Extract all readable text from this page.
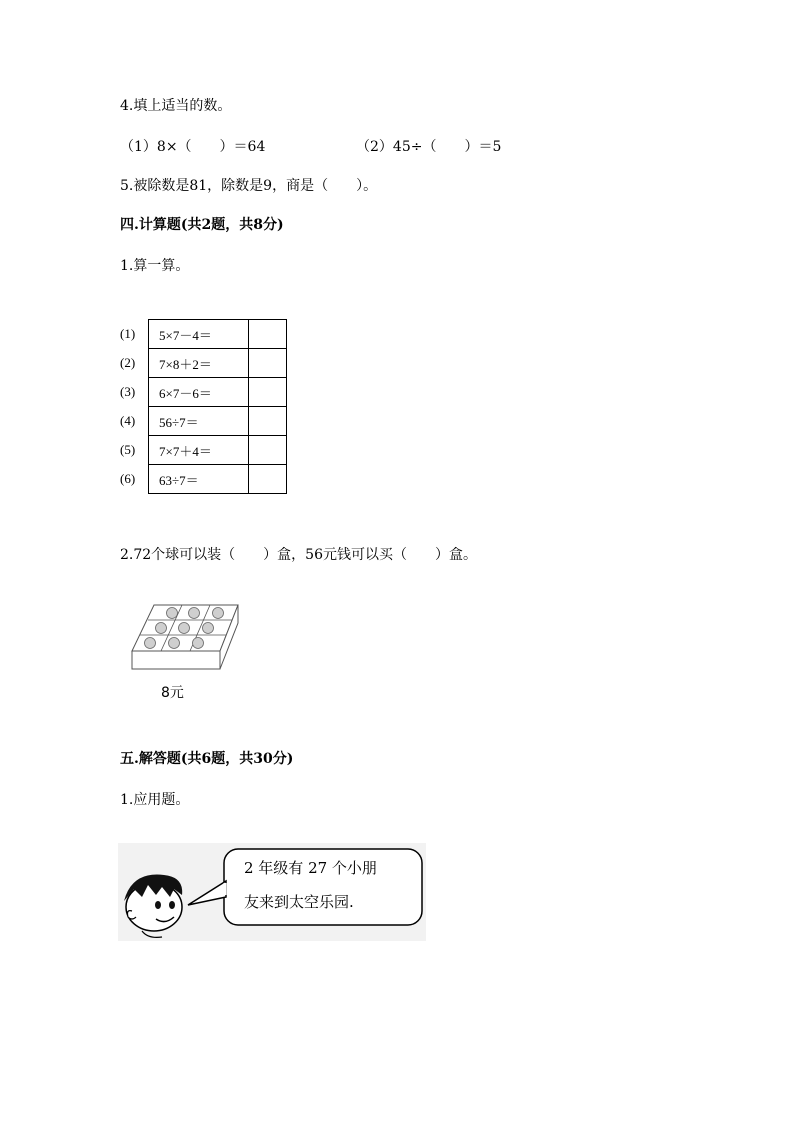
4.填上适当的数。
（1）8×（　　）＝64	（2）45÷（　　）＝5
5.被除数是81，除数是9，商是（　　）。
四.计算题(共2题，共8分)
1.算一算。
(1)	5×7－4＝	
(2)	7×8＋2＝	
(3)	6×7－6＝	
(4)	56÷7＝	
(5)	7×7＋4＝	
(6)	63÷7＝	
2.72个球可以装（　　）盒，56元钱可以买（　　）盒。
8元
五.解答题(共6题，共30分)
1.应用题。
2 年级有 27 个小朋
友来到太空乐园.
